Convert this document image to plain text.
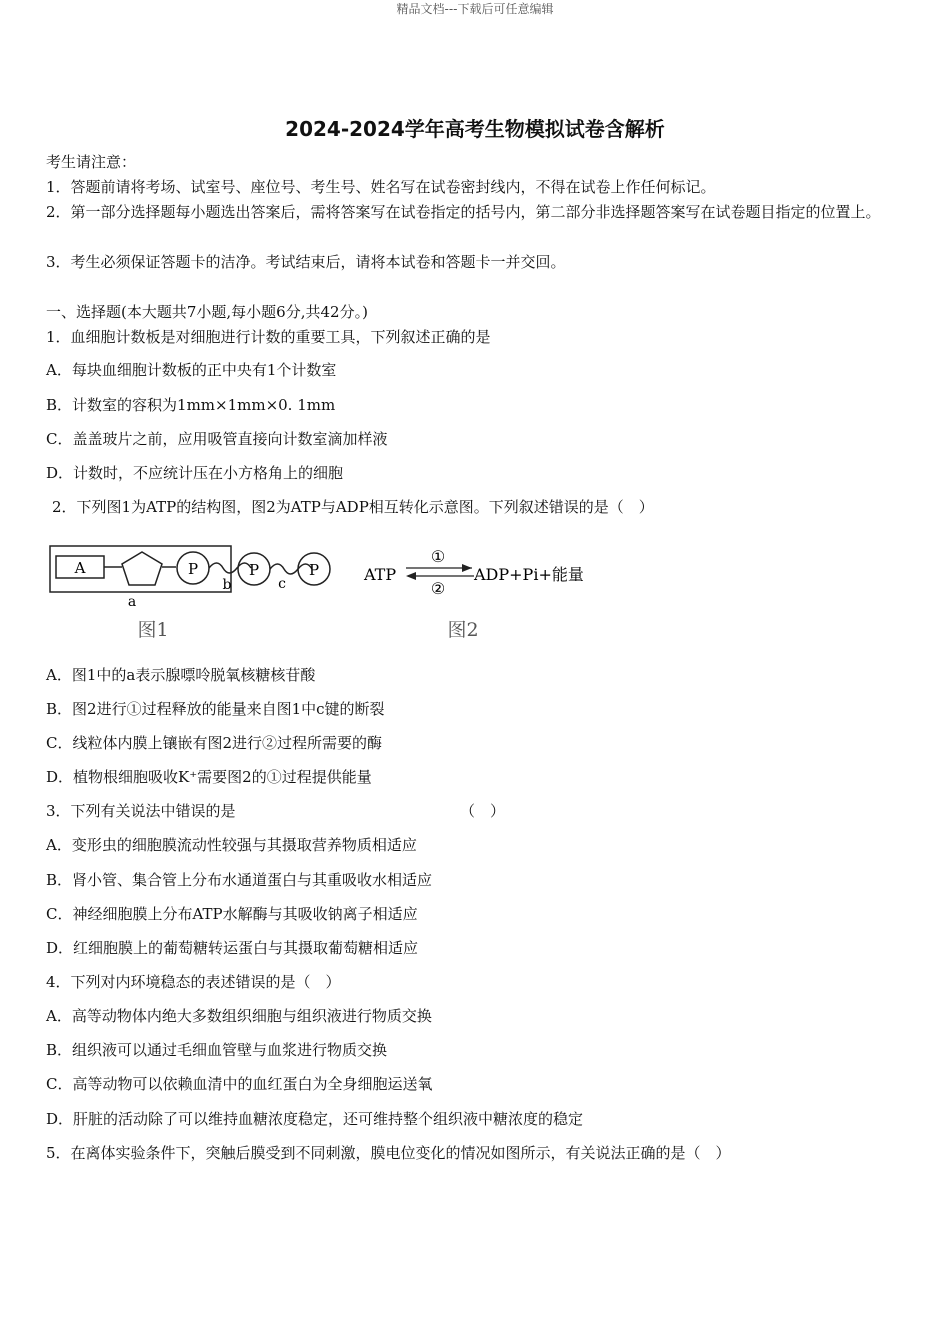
精品文档---下载后可任意编辑
2024-2024学年高考生物模拟试卷含解析
考生请注意：
1．答题前请将考场、试室号、座位号、考生号、姓名写在试卷密封线内，不得在试卷上作任何标记。
2．第一部分选择题每小题选出答案后，需将答案写在试卷指定的括号内，第二部分非选择题答案写在试卷题目指定的位置上。
3．考生必须保证答题卡的洁净。考试结束后，请将本试卷和答题卡一并交回。
一、选择题(本大题共7小题,每小题6分,共42分。)
1．血细胞计数板是对细胞进行计数的重要工具，下列叙述正确的是
A．每块血细胞计数板的正中央有1个计数室
B．计数室的容积为1mm×1mm×0. 1mm
C．盖盖玻片之前，应用吸管直接向计数室滴加样液
D．计数时，不应统计压在小方格角上的细胞
2．下列图1为ATP的结构图，图2为ATP与ADP相互转化示意图。下列叙述错误的是（　）
A	P
b
P
c
P
a
图1
ATP
①
②
ADP+Pi+能量
图2
A．图1中的a表示腺嘌呤脱氧核糖核苷酸
B．图2进行①过程释放的能量来自图1中c键的断裂
C．线粒体内膜上镶嵌有图2进行②过程所需要的酶
D．植物根细胞吸收K⁺需要图2的①过程提供能量
3．下列有关说法中错误的是	（　）
A．变形虫的细胞膜流动性较强与其摄取营养物质相适应
B．肾小管、集合管上分布水通道蛋白与其重吸收水相适应
C．神经细胞膜上分布ATP水解酶与其吸收钠离子相适应
D．红细胞膜上的葡萄糖转运蛋白与其摄取葡萄糖相适应
4．下列对内环境稳态的表述错误的是（　）
A．高等动物体内绝大多数组织细胞与组织液进行物质交换
B．组织液可以通过毛细血管壁与血浆进行物质交换
C．高等动物可以依赖血清中的血红蛋白为全身细胞运送氧
D．肝脏的活动除了可以维持血糖浓度稳定，还可维持整个组织液中糖浓度的稳定
5．在离体实验条件下，突触后膜受到不同刺激，膜电位变化的情况如图所示，有关说法正确的是（　）
